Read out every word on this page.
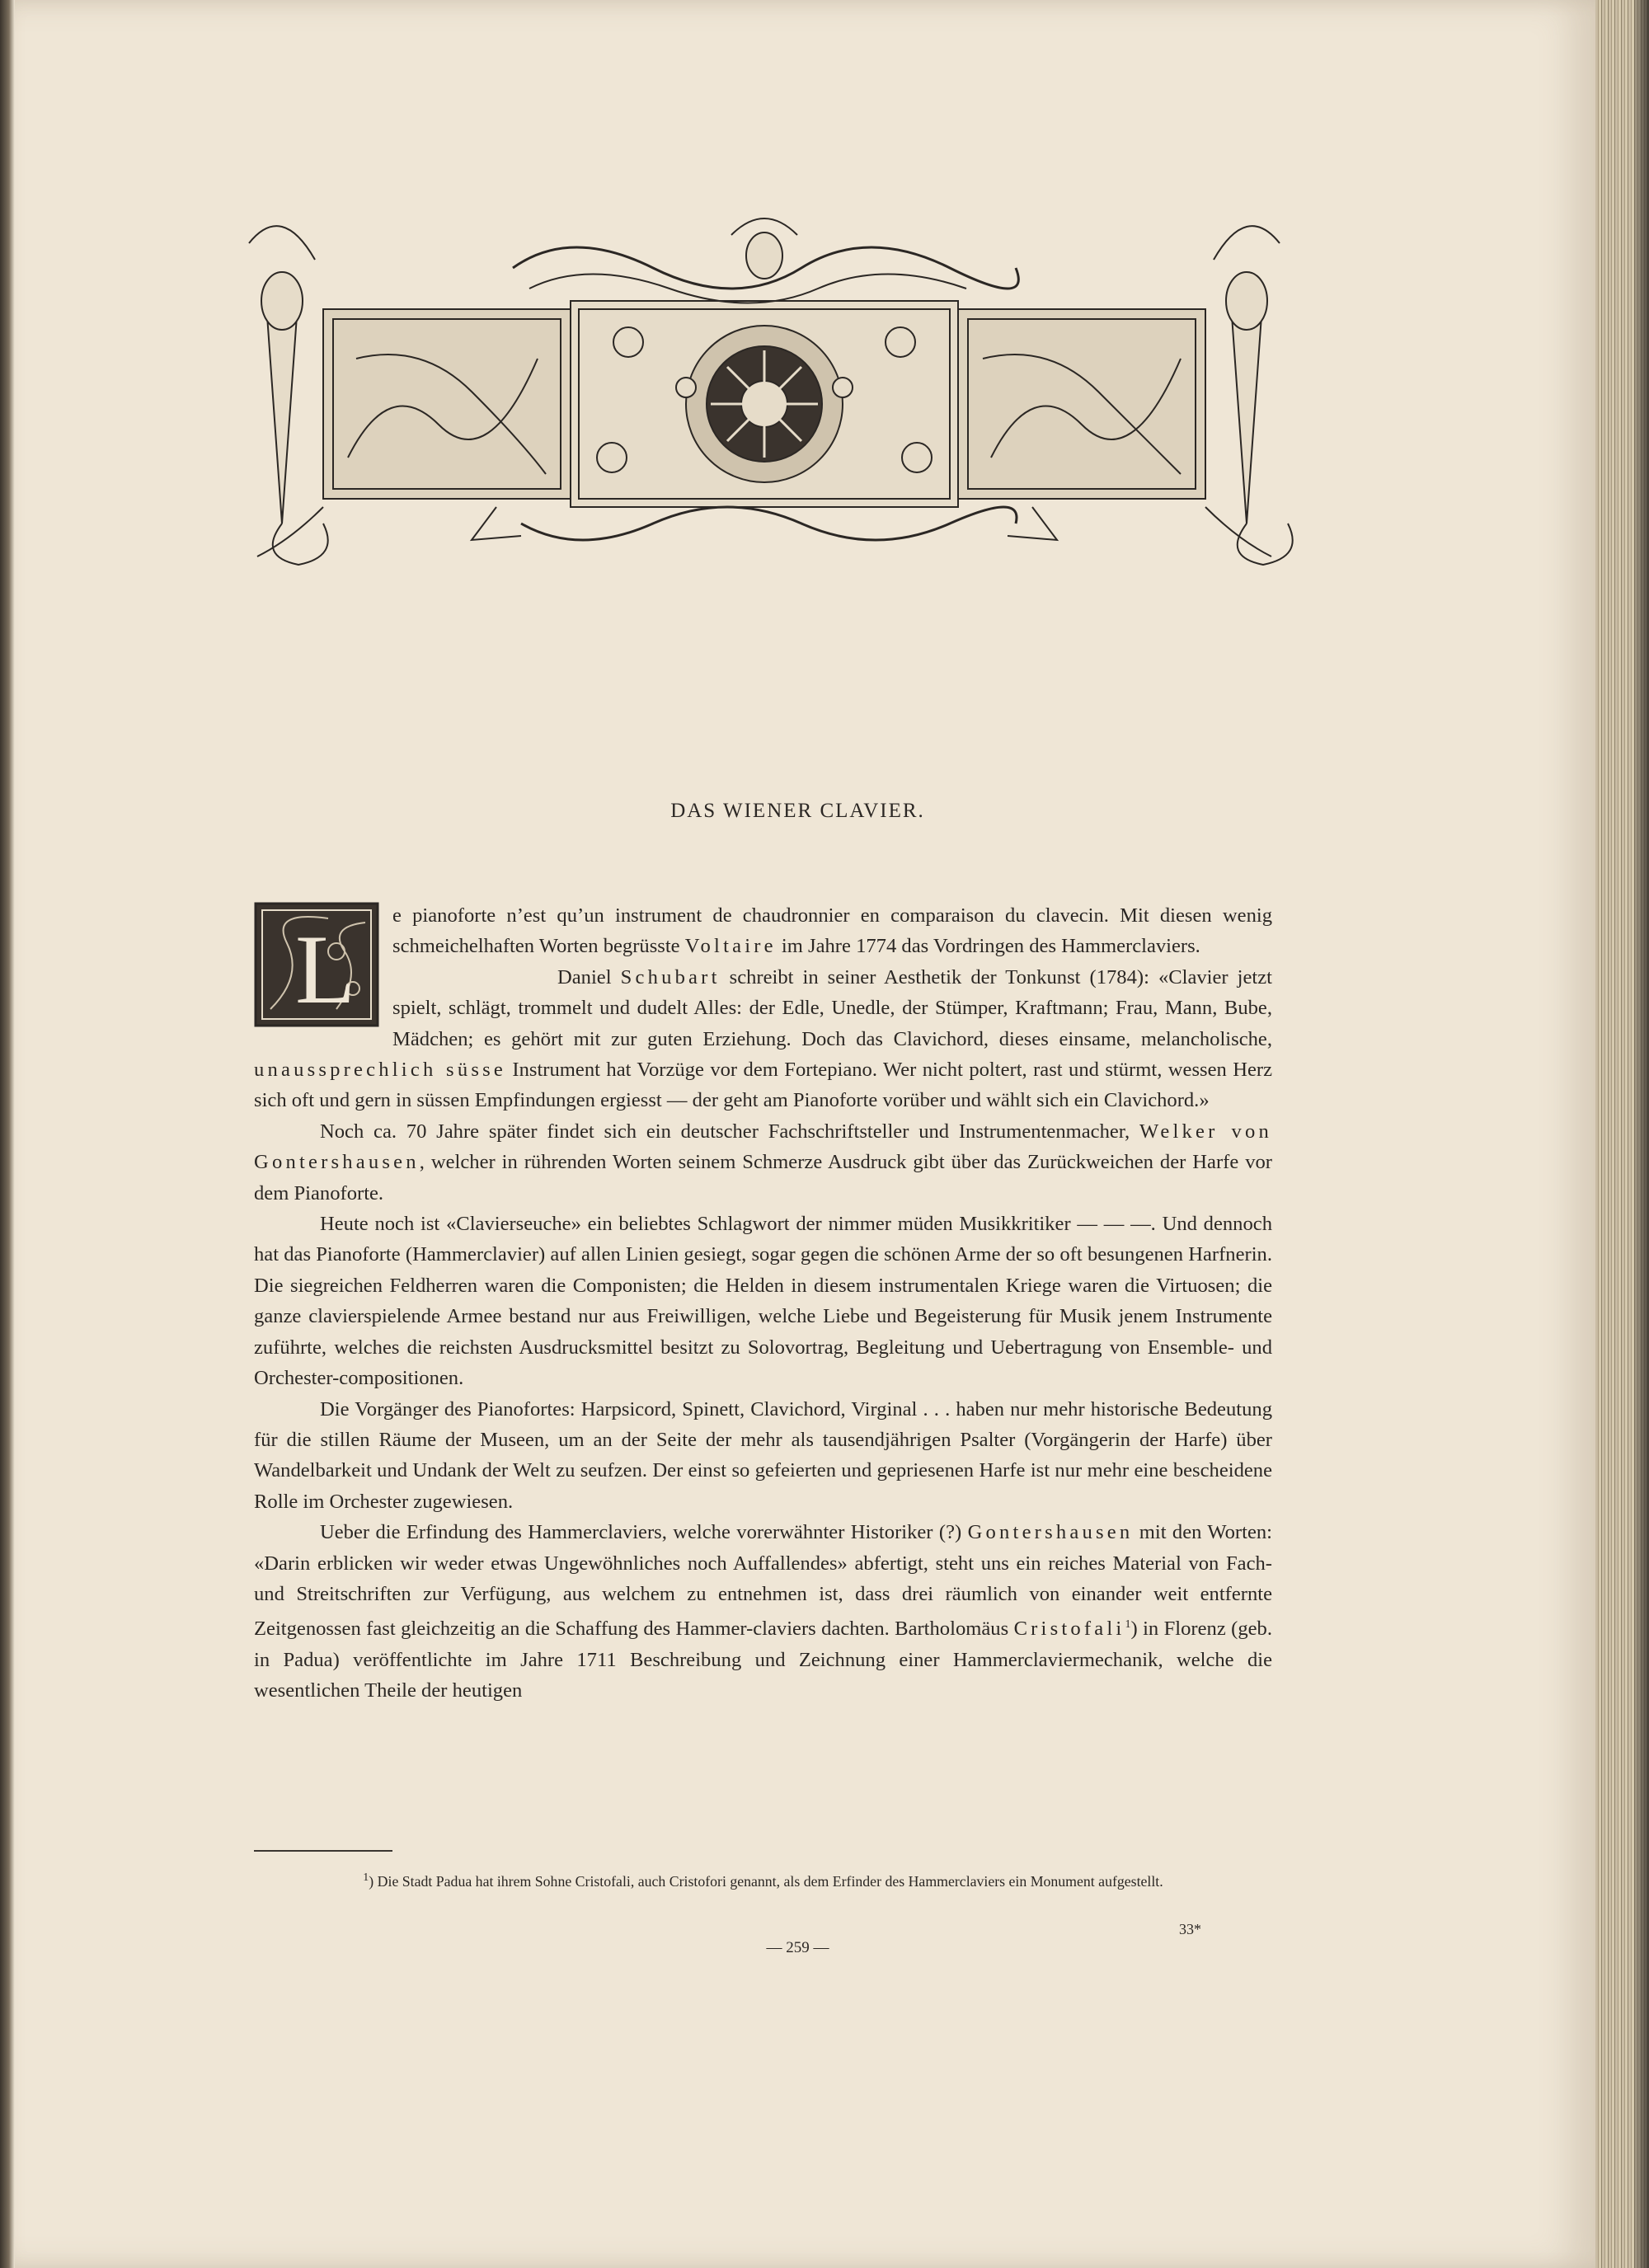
DAS WIENER CLAVIER.

L e pianoforte n’est qu’un instrument de chaudronnier en comparaison du clavecin. Mit diesen wenig schmeichelhaften Worten begrüsste Voltaire im Jahre 1774 das Vordringen des Hammerclaviers.

Daniel Schubart schreibt in seiner Aesthetik der Tonkunst (1784): «Clavier jetzt spielt, schlägt, trommelt und dudelt Alles: der Edle, Unedle, der Stümper, Kraftmann; Frau, Mann, Bube, Mädchen; es gehört mit zur guten Erziehung. Doch das Clavichord, dieses einsame, melancholische, unaussprechlich süsse Instrument hat Vorzüge vor dem Fortepiano. Wer nicht poltert, rast und stürmt, wessen Herz sich oft und gern in süssen Empfindungen ergiesst — der geht am Pianoforte vorüber und wählt sich ein Clavichord.»

Noch ca. 70 Jahre später findet sich ein deutscher Fachschriftsteller und Instrumentenmacher, Welker von Gontershausen, welcher in rührenden Worten seinem Schmerze Ausdruck gibt über das Zurückweichen der Harfe vor dem Pianoforte.

Heute noch ist «Clavierseuche» ein beliebtes Schlagwort der nimmer müden Musikkritiker — — —. Und dennoch hat das Pianoforte (Hammerclavier) auf allen Linien gesiegt, sogar gegen die schönen Arme der so oft besungenen Harfnerin. Die siegreichen Feldherren waren die Componisten; die Helden in diesem instrumentalen Kriege waren die Virtuosen; die ganze clavierspielende Armee bestand nur aus Freiwilligen, welche Liebe und Begeisterung für Musik jenem Instrumente zuführte, welches die reichsten Ausdrucksmittel besitzt zu Solovortrag, Begleitung und Uebertragung von Ensemble- und Orchester-compositionen.

Die Vorgänger des Pianofortes: Harpsicord, Spinett, Clavichord, Virginal . . . haben nur mehr historische Bedeutung für die stillen Räume der Museen, um an der Seite der mehr als tausendjährigen Psalter (Vorgängerin der Harfe) über Wandelbarkeit und Undank der Welt zu seufzen. Der einst so gefeierten und gepriesenen Harfe ist nur mehr eine bescheidene Rolle im Orchester zugewiesen.

Ueber die Erfindung des Hammerclaviers, welche vorerwähnter Historiker (?) Gontershausen mit den Worten: «Darin erblicken wir weder etwas Ungewöhnliches noch Auffallendes» abfertigt, steht uns ein reiches Material von Fach- und Streitschriften zur Verfügung, aus welchem zu entnehmen ist, dass drei räumlich von einander weit entfernte Zeitgenossen fast gleichzeitig an die Schaffung des Hammer-claviers dachten. Bartholomäus Cristofali$^1$) in Florenz (geb. in Padua) veröffentlichte im Jahre 1711 Beschreibung und Zeichnung einer Hammerclaviermechanik, welche die wesentlichen Theile der heutigen

$^1$) Die Stadt Padua hat ihrem Sohne Cristofali, auch Cristofori genannt, als dem Erfinder des Hammerclaviers ein Monument aufgestellt.
33*
— 259 —
